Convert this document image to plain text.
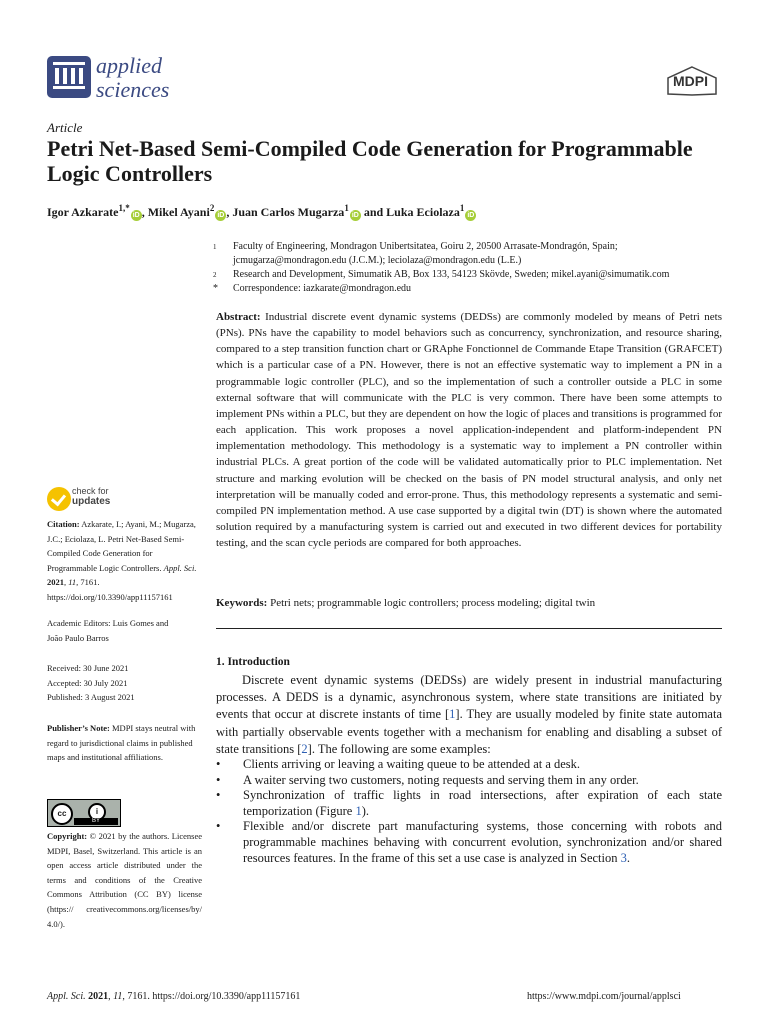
applied
sciences	MDPI
Article
Petri Net-Based Semi-Compiled Code Generation for Programmable Logic Controllers
Igor Azkarate$^{1,*}$iD , Mikel Ayani$^2$iD , Juan Carlos Mugarza$^1$iD and Luka Eciolaza$^1$iD
1	Faculty of Engineering, Mondragon Unibertsitatea, Goiru 2, 20500 Arrasate-Mondragón, Spain;
jcmugarza@mondragon.edu (J.C.M.); leciolaza@mondragon.edu (L.E.)
2	Research and Development, Simumatik AB, Box 133, 54123 Skövde, Sweden; mikel.ayani@simumatik.com
*	Correspondence: iazkarate@mondragon.edu
Abstract: Industrial discrete event dynamic systems (DEDSs) are commonly modeled by means of Petri nets (PNs). PNs have the capability to model behaviors such as concurrency, synchronization, and resource sharing, compared to a step transition function chart or GRAphe Fonctionnel de Commande Etape Transition (GRAFCET) which is a particular case of a PN. However, there is not an effective systematic way to implement a PN in a programmable logic controller (PLC), and so the implementation of such a controller outside a PLC in some external software that will communicate with the PLC is very common. There have been some attempts to implement PNs within a PLC, but they are dependent on how the logic of places and transitions is programmed for each application. This work proposes a novel application-independent and platform-independent PN implementation methodology. This methodology is a systematic way to implement a PN controller within industrial PLCs. A great portion of the code will be validated automatically prior to PLC implementation. Net structure and marking evolution will be checked on the basis of PN model structural analysis, and only net interpretation will be manually coded and error-prone. Thus, this methodology represents a systematic and semi-compiled PN implementation method. A use case supported by a digital twin (DT) is shown where the automated solution required by a manufacturing system is carried out and executed in two different devices for portability testing, and the scan cycle periods are compared for both approaches.
Keywords: Petri nets; programmable logic controllers; process modeling; digital twin
check for
updates
Citation: Azkarate, I.; Ayani, M.; Mugarza, J.C.; Eciolaza, L. Petri Net-Based Semi-Compiled Code Generation for Programmable Logic Controllers. Appl. Sci. 2021, 11, 7161. https://doi.org/10.3390/app11157161
Academic Editors: Luis Gomes and
João Paulo Barros
Received: 30 June 2021
Accepted: 30 July 2021
Published: 3 August 2021
Publisher’s Note: MDPI stays neutral with regard to jurisdictional claims in published maps and institutional affiliations.
cc	i
BY
Copyright: © 2021 by the authors. Licensee MDPI, Basel, Switzerland. This article is an open access article distributed under the terms and conditions of the Creative Commons Attribution (CC BY) license (https:// creativecommons.org/licenses/by/ 4.0/).
1. Introduction
Discrete event dynamic systems (DEDSs) are widely present in industrial manufacturing processes. A DEDS is a dynamic, asynchronous system, where state transitions are initiated by events that occur at discrete instants of time [1]. They are usually modeled by finite state automata with partially observable events together with a mechanism for enabling and disabling a subset of state transitions [2]. The following are some examples:
• Clients arriving or leaving a waiting queue to be attended at a desk.
• A waiter serving two customers, noting requests and serving them in any order.
• Synchronization of traffic lights in road intersections, after expiration of each state temporization (Figure 1).
• Flexible and/or discrete part manufacturing systems, those concerning with robots and programmable machines behaving with concurrent evolution, synchronization and/or shared resources features. In the frame of this set a use case is analyzed in Section 3.
Appl. Sci. 2021, 11, 7161. https://doi.org/10.3390/app11157161	https://www.mdpi.com/journal/applsci
